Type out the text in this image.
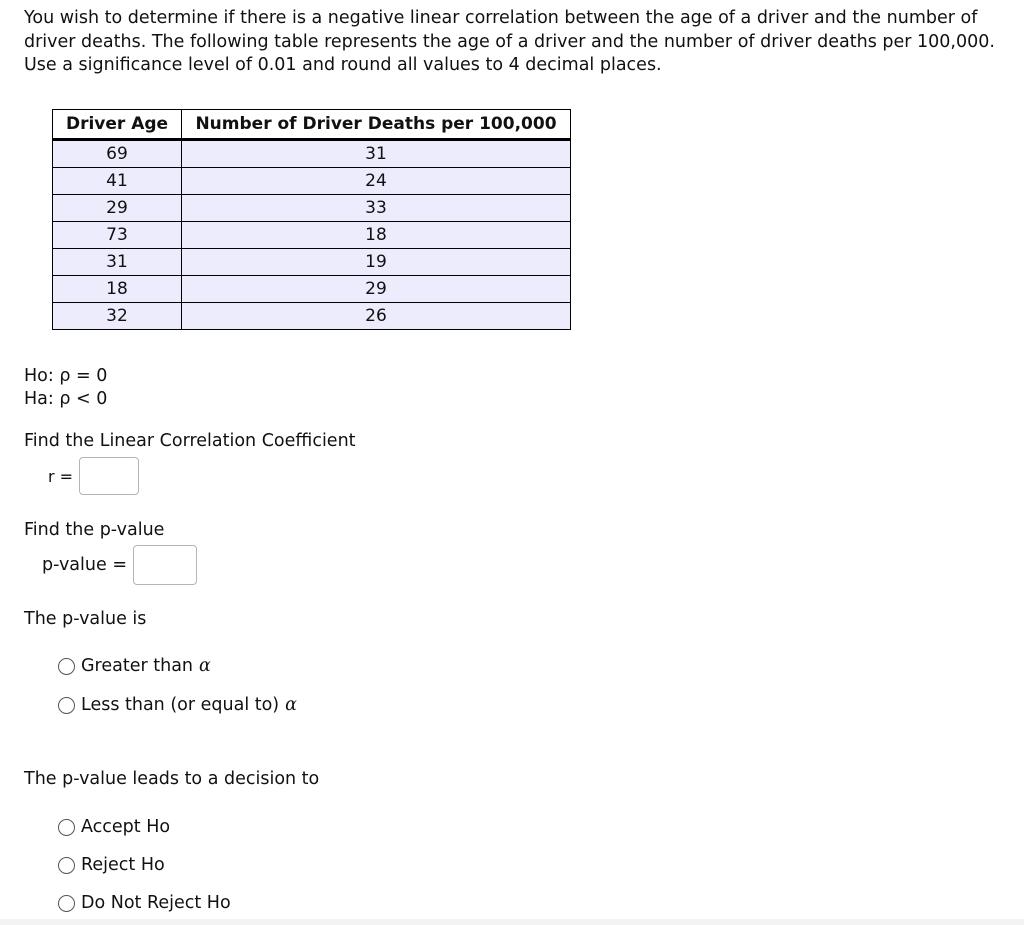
You wish to determine if there is a negative linear correlation between the age of a driver and the number of driver deaths. The following table represents the age of a driver and the number of driver deaths per 100,000. Use a significance level of 0.01 and round all values to 4 decimal places.

Driver Age	Number of Driver Deaths per 100,000
69	31
41	24
29	33
73	18
31	19
18	29
32	26
Ho: ρ = 0
Ha: ρ < 0
Find the Linear Correlation Coefficient
r =
Find the p-value
p-value =
The p-value is
Greater than α
Less than (or equal to) α
The p-value leads to a decision to
Accept Ho
Reject Ho
Do Not Reject Ho
